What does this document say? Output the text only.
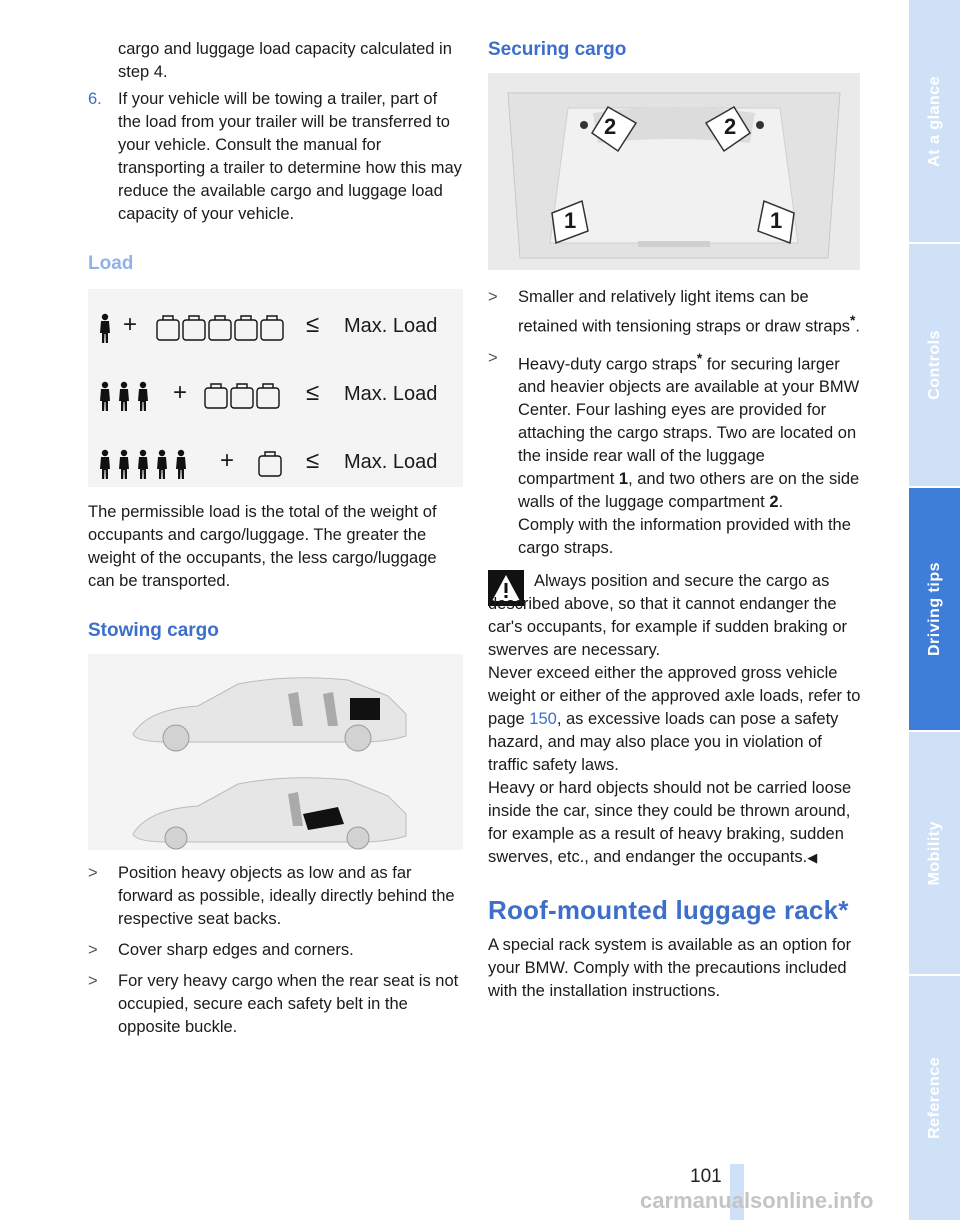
cargo and luggage load capacity calculated in step 4.

6. If your vehicle will be towing a trailer, part of the load from your trailer will be transferred to your vehicle. Consult the manual for transporting a trailer to determine how this may reduce the available cargo and luggage load capacity of your vehicle.
Load
+	≤ Max. Load
+	≤ Max. Load
+	≤ Max. Load

The permissible load is the total of the weight of occupants and cargo/luggage. The greater the weight of the occupants, the less cargo/luggage can be transported.

Stowing cargo
>	Position heavy objects as low and as far forward as possible, ideally directly behind the respective seat backs.
>	Cover sharp edges and corners.
>	For very heavy cargo when the rear seat is not occupied, secure each safety belt in the opposite buckle.
Securing cargo
2	2
1	1
>	Smaller and relatively light items can be retained with tensioning straps or draw straps*.
>	Heavy-duty cargo straps* for securing larger and heavier objects are available at your BMW Center. Four lashing eyes are provided for attaching the cargo straps. Two are located on the inside rear wall of the luggage compartment 1, and two others are on the side walls of the luggage compartment 2.
Comply with the information provided with the cargo straps.
Always position and secure the cargo as described above, so that it cannot endanger the car's occupants, for example if sudden braking or swerves are necessary.

Never exceed either the approved gross vehicle weight or either of the approved axle loads, refer to page 150, as excessive loads can pose a safety hazard, and may also place you in violation of traffic safety laws.

Heavy or hard objects should not be carried loose inside the car, since they could be thrown around, for example as a result of heavy braking, sudden swerves, etc., and endanger the occupants.◀

Roof-mounted luggage rack*

A special rack system is available as an option for your BMW. Comply with the precautions included with the installation instructions.

At a glance
Controls
Driving tips
Mobility
Reference
101
carmanualsonline.info
